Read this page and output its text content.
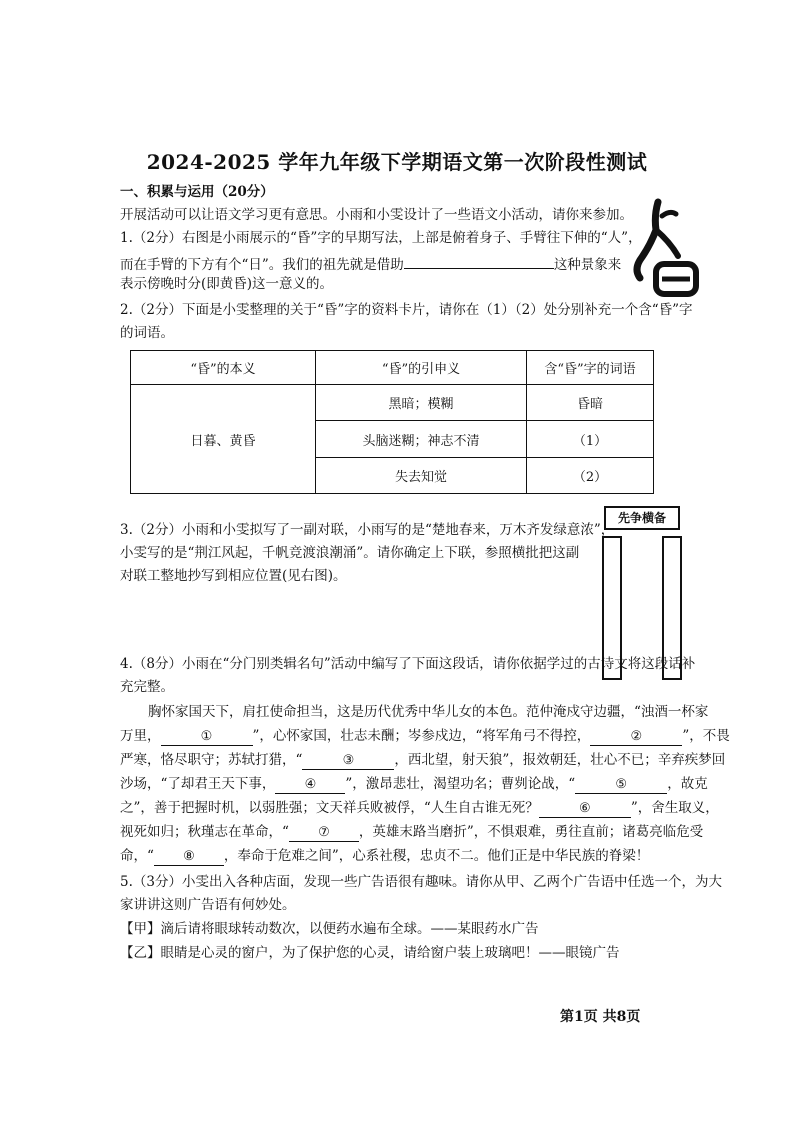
2024-2025 学年九年级下学期语文第一次阶段性测试
一、积累与运用（20分）
开展活动可以让语文学习更有意思。小雨和小雯设计了一些语文小活动，请你来参加。
1.（2分）右图是小雨展示的“昏”字的早期写法，上部是俯着身子、手臂往下伸的“人”，
而在手臂的下方有个“日”。我们的祖先就是借助	这种景象来
表示傍晚时分(即黄昏)这一意义的。
2.（2分）下面是小雯整理的关于“昏”字的资料卡片，请你在（1）（2）处分别补充一个含“昏”字
的词语。
“昏”的本义	“昏”的引申义	含“昏”字的词语
日暮、黄昏	黑暗；模糊	昏暗
	头脑迷糊；神志不清	（1）
	失去知觉	（2）
3.（2分）小雨和小雯拟写了一副对联，小雨写的是“楚地春来，万木齐发绿意浓”，
小雯写的是“荆江风起，千帆竞渡浪潮涌”。请你确定上下联，参照横批把这副
对联工整地抄写到相应位置(见右图)。
先争横备
4.（8分）小雨在“分门别类辑名句”活动中编写了下面这段话，请你依据学过的古诗文将这段话补
充完整。
胸怀家国天下，肩扛使命担当，这是历代优秀中华儿女的本色。范仲淹戍守边疆，“浊酒一杯家
万里，	①	”，心怀家国，壮志未酬；岑参戍边，“将军角弓不得控，	②	”，不畏
严寒，恪尽职守；苏轼打猎，“	③	，西北望，射天狼”，报效朝廷，壮心不已；辛弃疾梦回
沙场，“了却君王天下事， ④ ”，激昂悲壮，渴望功名；曹刿论战，“	⑤	，故克
之”，善于把握时机，以弱胜强；文天祥兵败被俘，“人生自古谁无死？	⑥	”，舍生取义，
视死如归；秋瑾志在革命，“ ⑦ ，英雄末路当磨折”，不惧艰难，勇往直前；诸葛亮临危受
命，“ ⑧ ，奉命于危难之间”，心系社稷，忠贞不二。他们正是中华民族的脊梁！
5.（3分）小雯出入各种店面，发现一些广告语很有趣味。请你从甲、乙两个广告语中任选一个，为大
家讲讲这则广告语有何妙处。
【甲】滴后请将眼球转动数次，以便药水遍布全球。——某眼药水广告
【乙】眼睛是心灵的窗户，为了保护您的心灵，请给窗户装上玻璃吧！——眼镜广告
第1页 共8页
